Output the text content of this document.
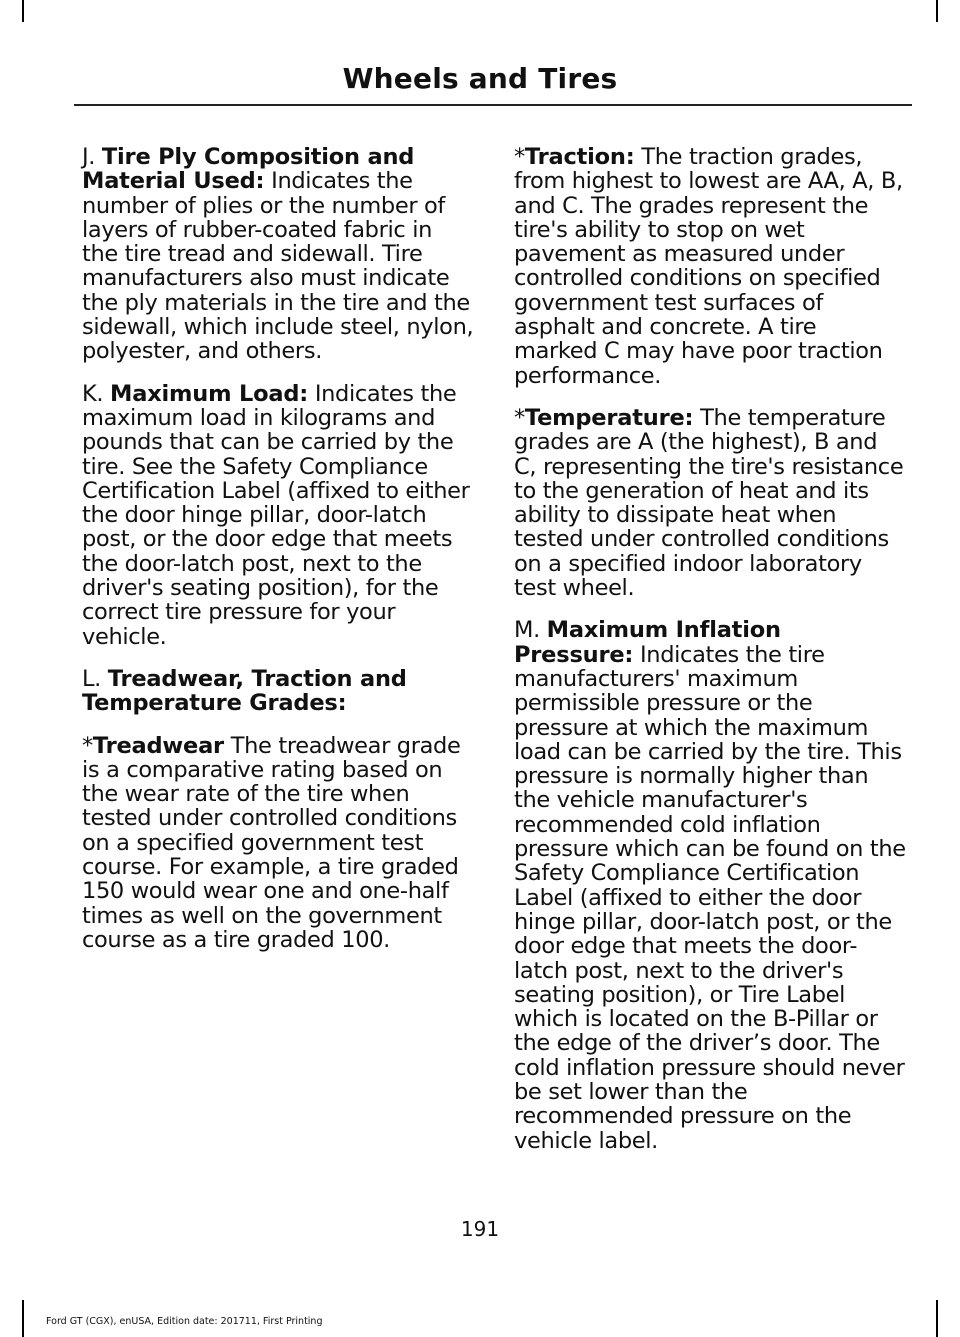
Wheels and Tires

J. Tire Ply Composition and Material Used: Indicates the number of plies or the number of layers of rubber-coated fabric in the tire tread and sidewall. Tire manufacturers also must indicate the ply materials in the tire and the sidewall, which include steel, nylon, polyester, and others.

K. Maximum Load: Indicates the maximum load in kilograms and pounds that can be carried by the tire. See the Safety Compliance Certification Label (affixed to either the door hinge pillar, door-latch post, or the door edge that meets the door-latch post, next to the driver's seating position), for the correct tire pressure for your vehicle.

L. Treadwear, Traction and Temperature Grades:

*Treadwear The treadwear grade is a comparative rating based on the wear rate of the tire when tested under controlled conditions on a specified government test course. For example, a tire graded 150 would wear one and one-half times as well on the government course as a tire graded 100.

*Traction: The traction grades, from highest to lowest are AA, A, B, and C. The grades represent the tire's ability to stop on wet pavement as measured under controlled conditions on specified government test surfaces of asphalt and concrete. A tire marked C may have poor traction performance.

*Temperature: The temperature grades are A (the highest), B and C, representing the tire's resistance to the generation of heat and its ability to dissipate heat when tested under controlled conditions on a specified indoor laboratory test wheel.

M. Maximum Inflation Pressure: Indicates the tire manufacturers' maximum permissible pressure or the pressure at which the maximum load can be carried by the tire. This pressure is normally higher than the vehicle manufacturer's recommended cold inflation pressure which can be found on the Safety Compliance Certification Label (affixed to either the door hinge pillar, door-latch post, or the door edge that meets the door-latch post, next to the driver's seating position), or Tire Label which is located on the B-Pillar or the edge of the driver’s door. The cold inflation pressure should never be set lower than the recommended pressure on the vehicle label.

191
Ford GT (CGX), enUSA, Edition date: 201711, First Printing
